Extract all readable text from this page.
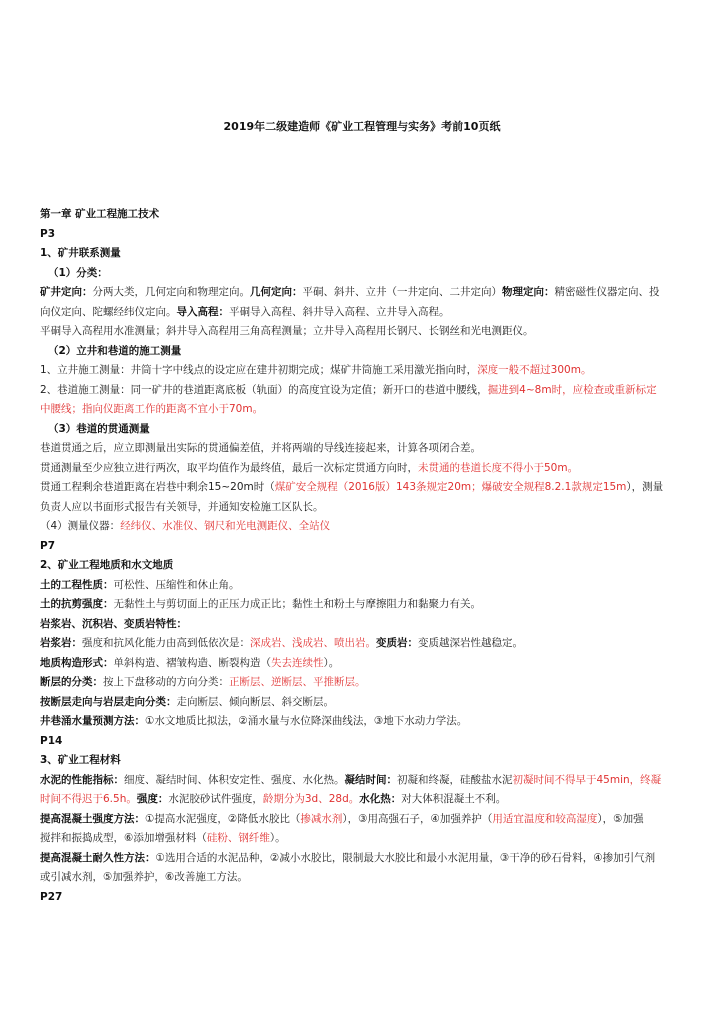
2019年二级建造师《矿业工程管理与实务》考前10页纸
第一章 矿业工程施工技术
P3
1、矿井联系测量
（1）分类：
矿井定向：分两大类，几何定向和物理定向。几何定向：平硐、斜井、立井（一井定向、二井定向）物理定向：精密磁性仪器定向、投
向仪定向、陀螺经纬仪定向。导入高程：平硐导入高程、斜井导入高程、立井导入高程。
平硐导入高程用水准测量；斜井导入高程用三角高程测量；立井导入高程用长钢尺、长钢丝和光电测距仪。
（2）立井和巷道的施工测量
1、立井施工测量：井筒十字中线点的设定应在建井初期完成；煤矿井筒施工采用激光指向时，深度一般不超过300m。
2、巷道施工测量：同一矿井的巷道距离底板（轨面）的高度宜设为定值；新开口的巷道中腰线，掘进到4~8m时，应检查或重新标定
中腰线；指向仪距离工作的距离不宜小于70m。
（3）巷道的贯通测量
巷道贯通之后，应立即测量出实际的贯通偏差值，并将两端的导线连接起来，计算各项闭合差。
贯通测量至少应独立进行两次，取平均值作为最终值，最后一次标定贯通方向时，未贯通的巷道长度不得小于50m。
贯通工程剩余巷道距离在岩巷中剩余15~20m时（煤矿安全规程（2016版）143条规定20m；爆破安全规程8.2.1款规定15m），测量
负责人应以书面形式报告有关领导，并通知安检施工区队长。
（4）测量仪器：经纬仪、水准仪、钢尺和光电测距仪、全站仪
P7
2、矿业工程地质和水文地质
土的工程性质：可松性、压缩性和休止角。
土的抗剪强度：无黏性土与剪切面上的正压力成正比；黏性土和粉土与摩擦阻力和黏聚力有关。
岩浆岩、沉积岩、变质岩特性：
岩浆岩：强度和抗风化能力由高到低依次是：深成岩、浅成岩、喷出岩。变质岩：变质越深岩性越稳定。
地质构造形式：单斜构造、褶皱构造、断裂构造（失去连续性）。
断层的分类：按上下盘移动的方向分类：正断层、逆断层、平推断层。
按断层走向与岩层走向分类：走向断层、倾向断层、斜交断层。
井巷涌水量预测方法：①水文地质比拟法，②涌水量与水位降深曲线法，③地下水动力学法。
P14
3、矿业工程材料
水泥的性能指标：细度、凝结时间、体积安定性、强度、水化热。凝结时间：初凝和终凝，硅酸盐水泥初凝时间不得早于45min，终凝
时间不得迟于6.5h。强度：水泥胶砂试件强度，龄期分为3d、28d。水化热：对大体积混凝土不利。
提高混凝土强度方法：①提高水泥强度，②降低水胶比（掺减水剂），③用高强石子，④加强养护（用适宜温度和较高湿度），⑤加强
搅拌和振捣成型，⑥添加增强材料（硅粉、钢纤维）。
提高混凝土耐久性方法：①选用合适的水泥品种，②减小水胶比，限制最大水胶比和最小水泥用量，③干净的砂石骨料，④掺加引气剂
或引减水剂，⑤加强养护，⑥改善施工方法。
P27
